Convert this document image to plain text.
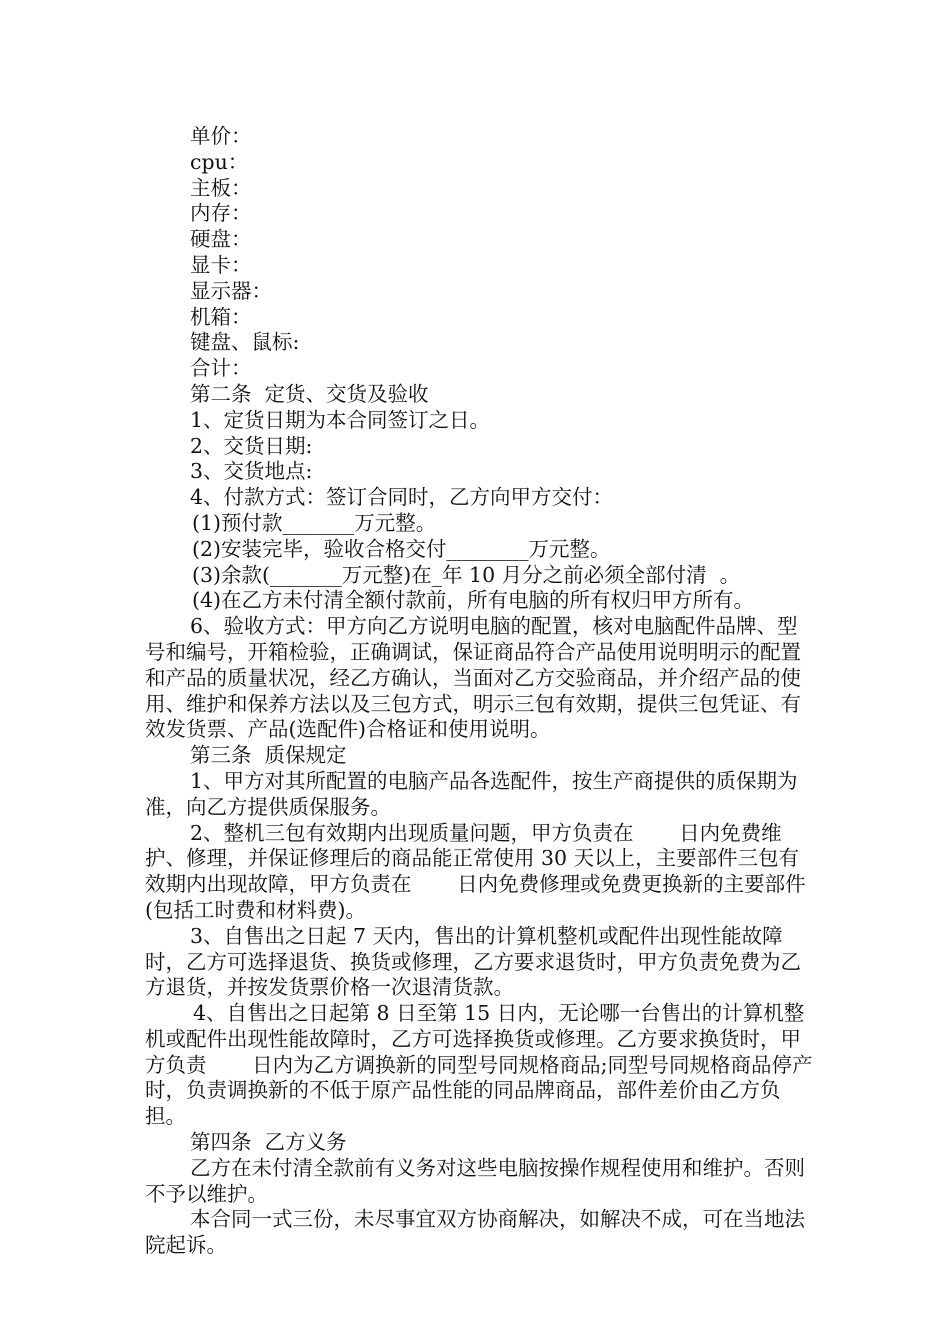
单价：

cpu：

主板：

内存：

硬盘：

显卡：

显示器：

机箱：

键盘、鼠标:

合计：

第二条  定货、交货及验收

1、定货日期为本合同签订之日。

2、交货日期:

3、交货地点:

4、付款方式：签订合同时，乙方向甲方交付：

(1)预付款_______万元整。

(2)安装完毕，验收合格交付________万元整。

(3)余款(_______万元整)在_年 10 月分之前必须全部付清  。

(4)在乙方未付清全额付款前，所有电脑的所有权归甲方所有。

6、验收方式：甲方向乙方说明电脑的配置，核对电脑配件品牌、型号和编号，开箱检验，正确调试，保证商品符合产品使用说明明示的配置和产品的质量状况，经乙方确认，当面对乙方交验商品，并介绍产品的使用、维护和保养方法以及三包方式，明示三包有效期，提供三包凭证、有效发货票、产品(选配件)合格证和使用说明。

第三条  质保规定

1、甲方对其所配置的电脑产品各选配件，按生产商提供的质保期为准，向乙方提供质保服务。

2、整机三包有效期内出现质量问题，甲方负责在       日内免费维护、修理，并保证修理后的商品能正常使用 30 天以上，主要部件三包有效期内出现故障，甲方负责在       日内免费修理或免费更换新的主要部件(包括工时费和材料费)。

3、自售出之日起 7 天内，售出的计算机整机或配件出现性能故障时，乙方可选择退货、换货或修理，乙方要求退货时，甲方负责免费为乙方退货，并按发货票价格一次退清货款。

4、自售出之日起第 8 日至第 15 日内，无论哪一台售出的计算机整机或配件出现性能故障时，乙方可选择换货或修理。乙方要求换货时，甲方负责       日内为乙方调换新的同型号同规格商品;同型号同规格商品停产时，负责调换新的不低于原产品性能的同品牌商品，部件差价由乙方负担。

第四条  乙方义务

乙方在未付清全款前有义务对这些电脑按操作规程使用和维护。否则不予以维护。

本合同一式三份，未尽事宜双方协商解决，如解决不成，可在当地法院起诉。
